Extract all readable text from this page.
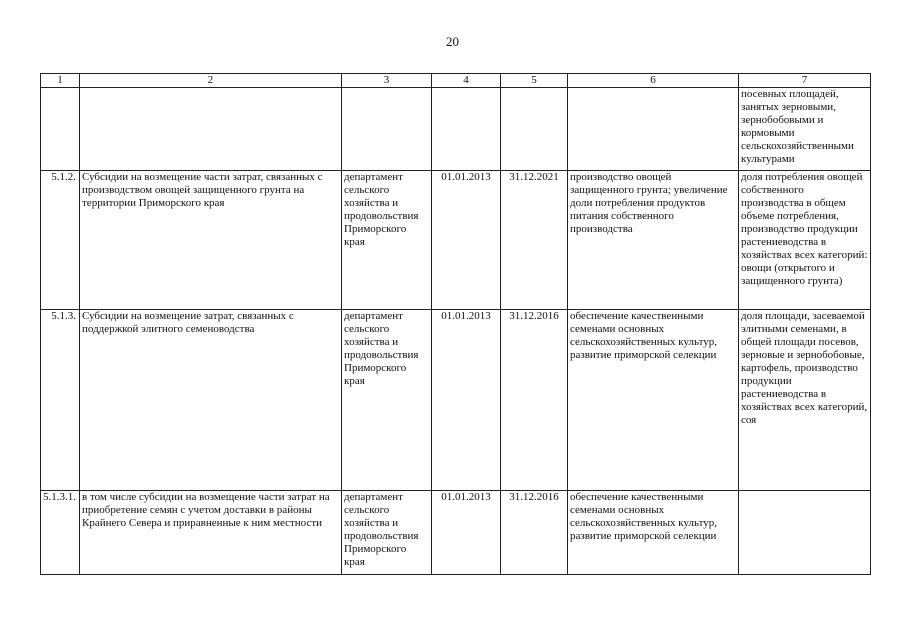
20
1	2	3	4	5	6	7
						посевных площадей, занятых зерновыми, зернобобовыми и кормовыми сельскохозяйственными культурами
5.1.2.	Субсидии на возмещение части затрат, связанных с производством овощей защищенного грунта на территории Приморского края	департамент сельского хозяйства и продовольствия Приморского края	01.01.2013	31.12.2021	производство овощей защищенного грунта; увеличение доли потребления продуктов питания собственного производства	доля потребления овощей собственного производства в общем объеме потребления, производство продукции растениеводства в хозяйствах всех категорий: овощи (открытого и защищенного грунта)
5.1.3.	Субсидии на возмещение затрат, связанных с поддержкой элитного семеноводства	департамент сельского хозяйства и продовольствия Приморского края	01.01.2013	31.12.2016	обеспечение качественными семенами основных сельскохозяйственных культур, развитие приморской селекции	доля площади, засеваемой элитными семенами, в общей площади посевов, зерновые и зернобобовые, картофель, производство продукции растениеводства в хозяйствах всех категорий, соя
5.1.3.1.	в том числе субсидии на возмещение части затрат на приобретение семян с учетом доставки в районы Крайнего Севера и приравненные к ним местности	департамент сельского хозяйства и продовольствия Приморского края	01.01.2013	31.12.2016	обеспечение качественными семенами основных сельскохозяйственных культур, развитие приморской селекции	
